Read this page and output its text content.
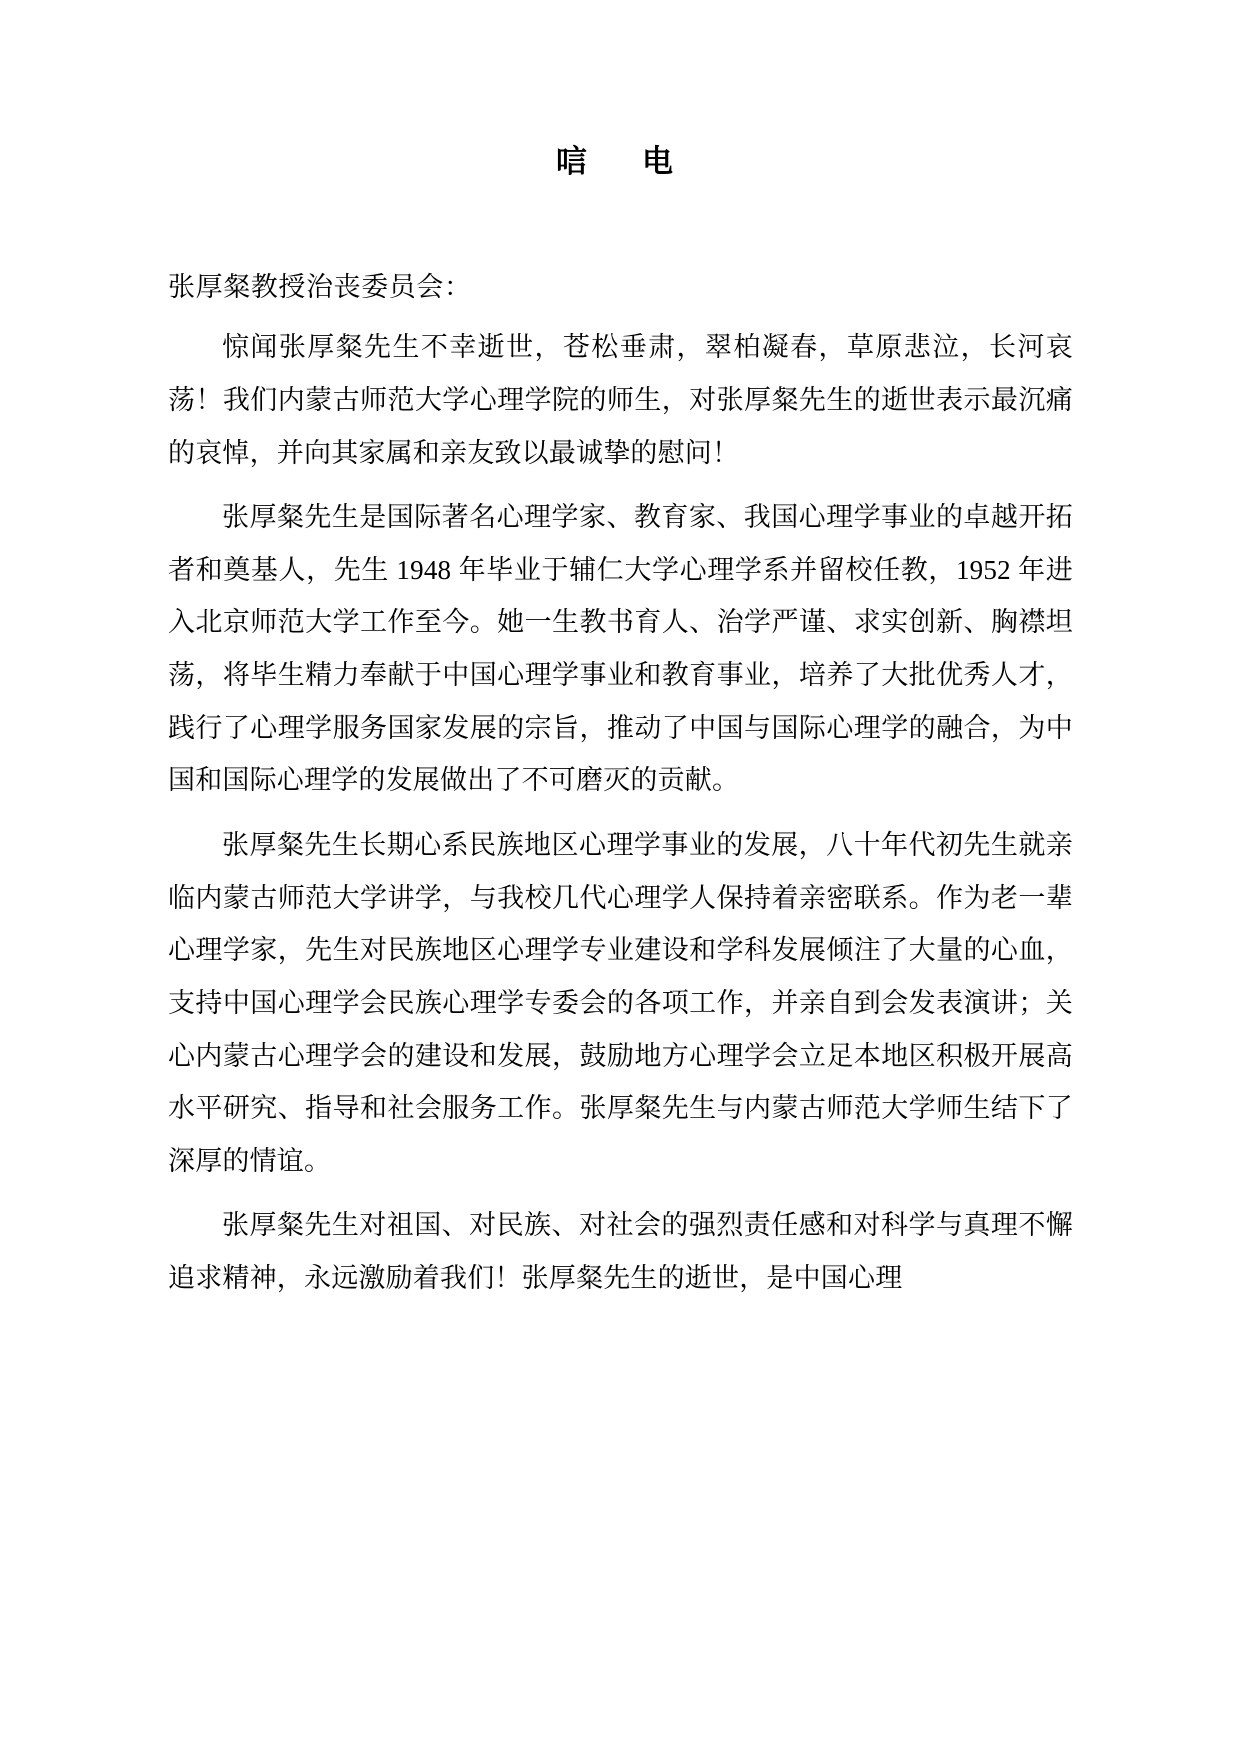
唁　电
张厚粲教授治丧委员会：

惊闻张厚粲先生不幸逝世，苍松垂肃，翠柏凝春，草原悲泣，长河哀荡！我们内蒙古师范大学心理学院的师生，对张厚粲先生的逝世表示最沉痛的哀悼，并向其家属和亲友致以最诚挚的慰问！

张厚粲先生是国际著名心理学家、教育家、我国心理学事业的卓越开拓者和奠基人，先生 1948 年毕业于辅仁大学心理学系并留校任教，1952 年进入北京师范大学工作至今。她一生教书育人、治学严谨、求实创新、胸襟坦荡，将毕生精力奉献于中国心理学事业和教育事业，培养了大批优秀人才，践行了心理学服务国家发展的宗旨，推动了中国与国际心理学的融合，为中国和国际心理学的发展做出了不可磨灭的贡献。

张厚粲先生长期心系民族地区心理学事业的发展，八十年代初先生就亲临内蒙古师范大学讲学，与我校几代心理学人保持着亲密联系。作为老一辈心理学家，先生对民族地区心理学专业建设和学科发展倾注了大量的心血，支持中国心理学会民族心理学专委会的各项工作，并亲自到会发表演讲；关心内蒙古心理学会的建设和发展，鼓励地方心理学会立足本地区积极开展高水平研究、指导和社会服务工作。张厚粲先生与内蒙古师范大学师生结下了深厚的情谊。

张厚粲先生对祖国、对民族、对社会的强烈责任感和对科学与真理不懈追求精神，永远激励着我们！张厚粲先生的逝世，是中国心理
